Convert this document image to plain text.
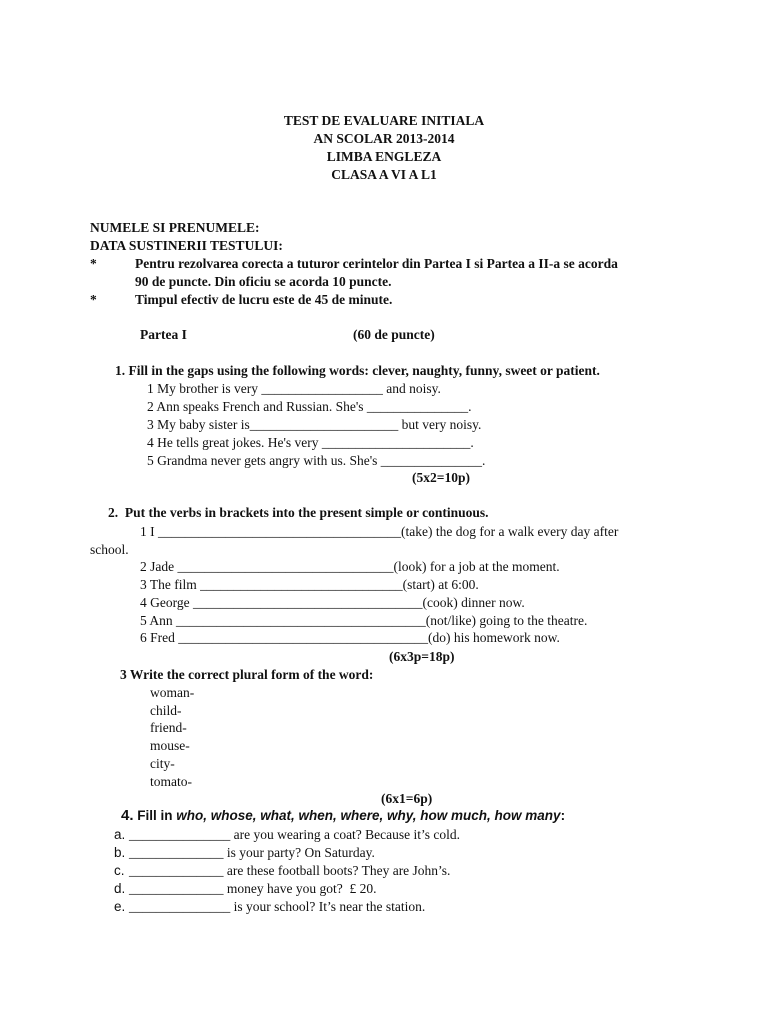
TEST DE EVALUARE INITIALA
AN SCOLAR 2013-2014
LIMBA ENGLEZA
CLASA A VI A L1
NUMELE SI PRENUMELE:
DATA SUSTINERII TESTULUI:
*	Pentru rezolvarea corecta a tuturor cerintelor din Partea I si Partea a II-a se acorda
90 de puncte. Din oficiu se acorda 10 puncte.
*	Timpul efectiv de lucru este de 45 de minute.
Partea I	(60 de puncte)
1. Fill in the gaps using the following words: clever, naughty, funny, sweet or patient.
1 My brother is very __________________ and noisy.
2 Ann speaks French and Russian. She's _______________.
3 My baby sister is______________________ but very noisy.
4 He tells great jokes. He's very ______________________.
5 Grandma never gets angry with us. She's _______________.
(5x2=10p)
2.  Put the verbs in brackets into the present simple or continuous.
1 I ____________________________________(take) the dog for a walk every day after
school.
2 Jade ________________________________(look) for a job at the moment.
3 The film ______________________________(start) at 6:00.
4 George __________________________________(cook) dinner now.
5 Ann _____________________________________(not/like) going to the theatre.
6 Fred _____________________________________(do) his homework now.
(6x3p=18p)
3 Write the correct plural form of the word:
woman-
child-
friend-
mouse-
city-
tomato-
(6x1=6p)
4. Fill in who, whose, what, when, where, why, how much, how many:
a. _______________ are you wearing a coat? Because it’s cold.
b. ______________ is your party? On Saturday.
c. ______________ are these football boots? They are John’s.
d. ______________ money have you got?  £ 20.
e. _______________ is your school? It’s near the station.
